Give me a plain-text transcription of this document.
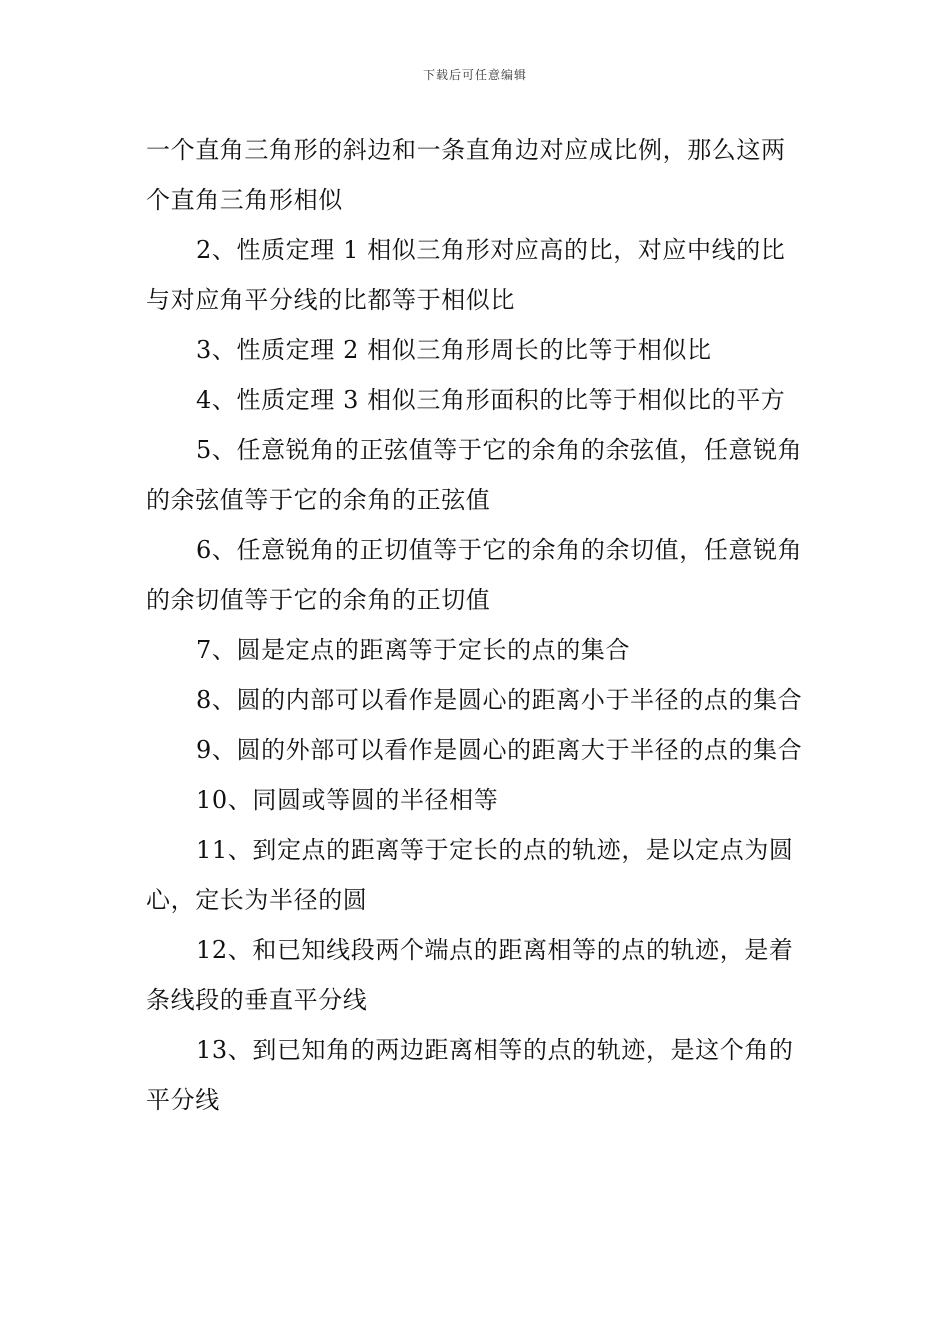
下载后可任意编辑

一个直角三角形的斜边和一条直角边对应成比例，那么这两个直角三角形相似

2、性质定理 1 相似三角形对应高的比，对应中线的比与对应角平分线的比都等于相似比

3、性质定理 2 相似三角形周长的比等于相似比

4、性质定理 3 相似三角形面积的比等于相似比的平方

5、任意锐角的正弦值等于它的余角的余弦值，任意锐角的余弦值等于它的余角的正弦值

6、任意锐角的正切值等于它的余角的余切值，任意锐角的余切值等于它的余角的正切值

7、圆是定点的距离等于定长的点的集合

8、圆的内部可以看作是圆心的距离小于半径的点的集合

9、圆的外部可以看作是圆心的距离大于半径的点的集合

10、同圆或等圆的半径相等

11、到定点的距离等于定长的点的轨迹，是以定点为圆心，定长为半径的圆

12、和已知线段两个端点的距离相等的点的轨迹，是着条线段的垂直平分线

13、到已知角的两边距离相等的点的轨迹，是这个角的平分线
